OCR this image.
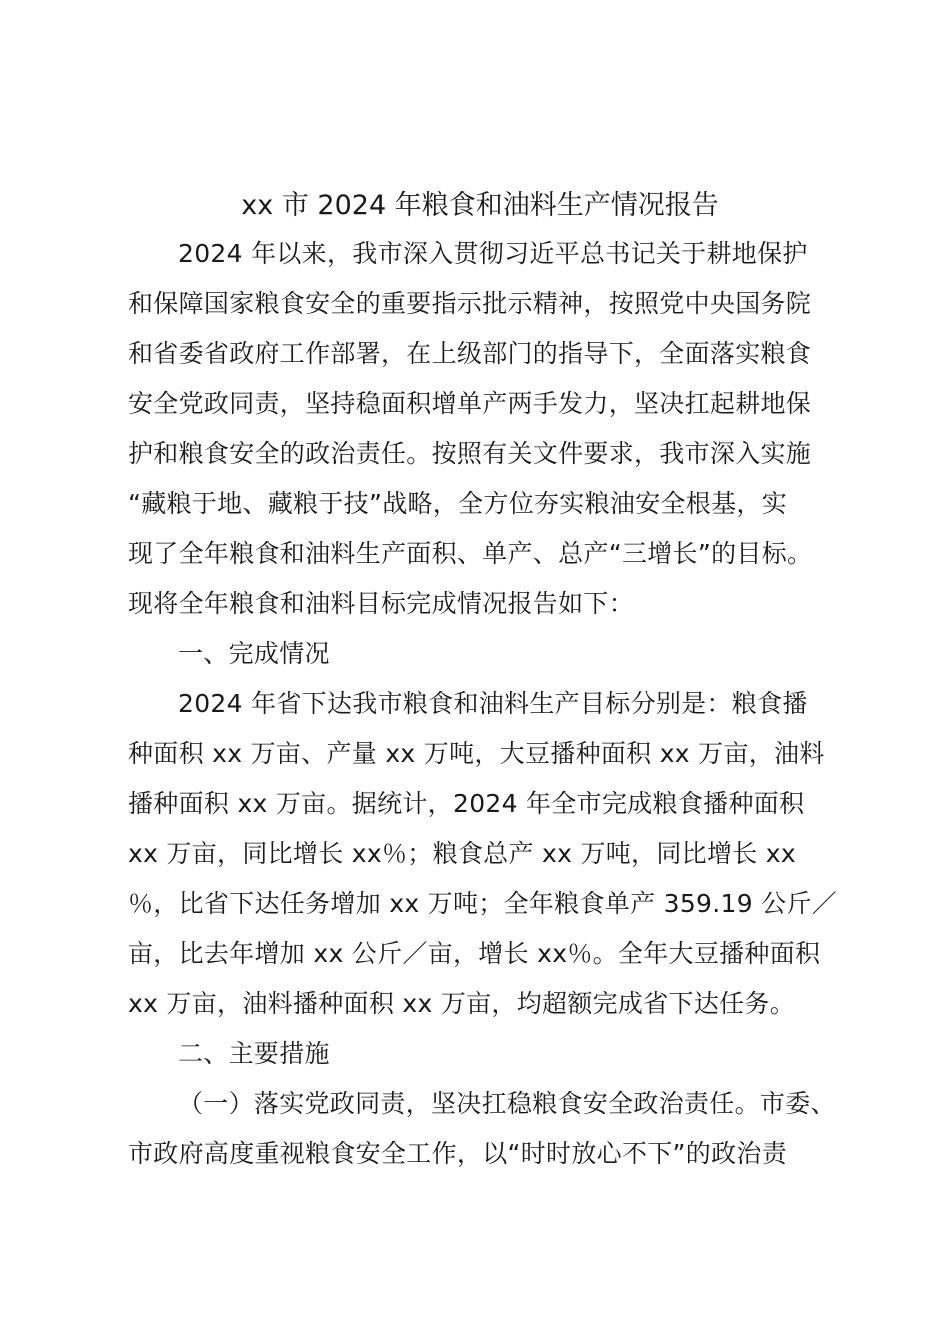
xx 市 2024 年粮食和油料生产情况报告
2024 年以来，我市深入贯彻习近平总书记关于耕地保护
和保障国家粮食安全的重要指示批示精神，按照党中央国务院
和省委省政府工作部署，在上级部门的指导下，全面落实粮食
安全党政同责，坚持稳面积增单产两手发力，坚决扛起耕地保
护和粮食安全的政治责任。按照有关文件要求，我市深入实施
“藏粮于地、藏粮于技”战略，全方位夯实粮油安全根基，实
现了全年粮食和油料生产面积、单产、总产“三增长”的目标。
现将全年粮食和油料目标完成情况报告如下：
一、完成情况
2024 年省下达我市粮食和油料生产目标分别是：粮食播
种面积 xx 万亩、产量 xx 万吨，大豆播种面积 xx 万亩，油料
播种面积 xx 万亩。据统计，2024 年全市完成粮食播种面积
xx 万亩，同比增长 xx％；粮食总产 xx 万吨，同比增长 xx
％，比省下达任务增加 xx 万吨；全年粮食单产 359.19 公斤／
亩，比去年增加 xx 公斤／亩，增长 xx％。全年大豆播种面积
xx 万亩，油料播种面积 xx 万亩，均超额完成省下达任务。
二、主要措施
（一）落实党政同责，坚决扛稳粮食安全政治责任。市委、
市政府高度重视粮食安全工作，以“时时放心不下”的政治责
